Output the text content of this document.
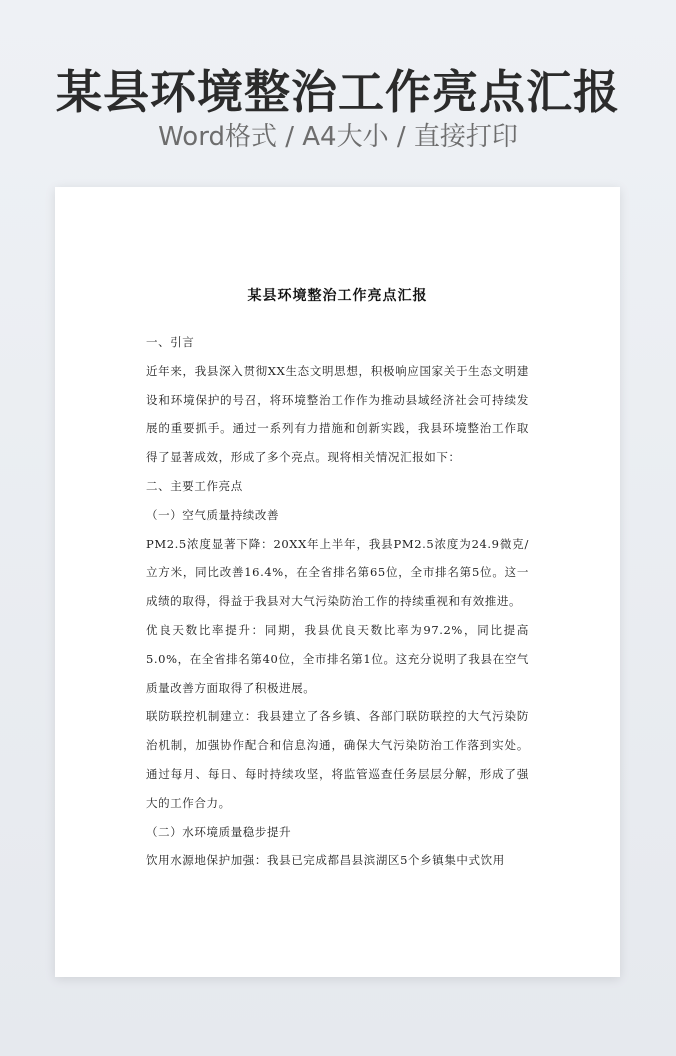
某县环境整治工作亮点汇报
Word格式 / A4大小 / 直接打印
某县环境整治工作亮点汇报

一、引言

近年来，我县深入贯彻XX生态文明思想，积极响应国家关于生态文明建设和环境保护的号召，将环境整治工作作为推动县域经济社会可持续发展的重要抓手。通过一系列有力措施和创新实践，我县环境整治工作取得了显著成效，形成了多个亮点。现将相关情况汇报如下：

二、主要工作亮点

（一）空气质量持续改善

PM2.5浓度显著下降：20XX年上半年，我县PM2.5浓度为24.9微克/立方米，同比改善16.4%，在全省排名第65位，全市排名第5位。这一成绩的取得，得益于我县对大气污染防治工作的持续重视和有效推进。

优良天数比率提升：同期，我县优良天数比率为97.2%，同比提高5.0%，在全省排名第40位，全市排名第1位。这充分说明了我县在空气质量改善方面取得了积极进展。

联防联控机制建立：我县建立了各乡镇、各部门联防联控的大气污染防治机制，加强协作配合和信息沟通，确保大气污染防治工作落到实处。通过每月、每日、每时持续攻坚，将监管巡查任务层层分解，形成了强大的工作合力。

（二）水环境质量稳步提升

饮用水源地保护加强：我县已完成都昌县滨湖区5个乡镇集中式饮用
